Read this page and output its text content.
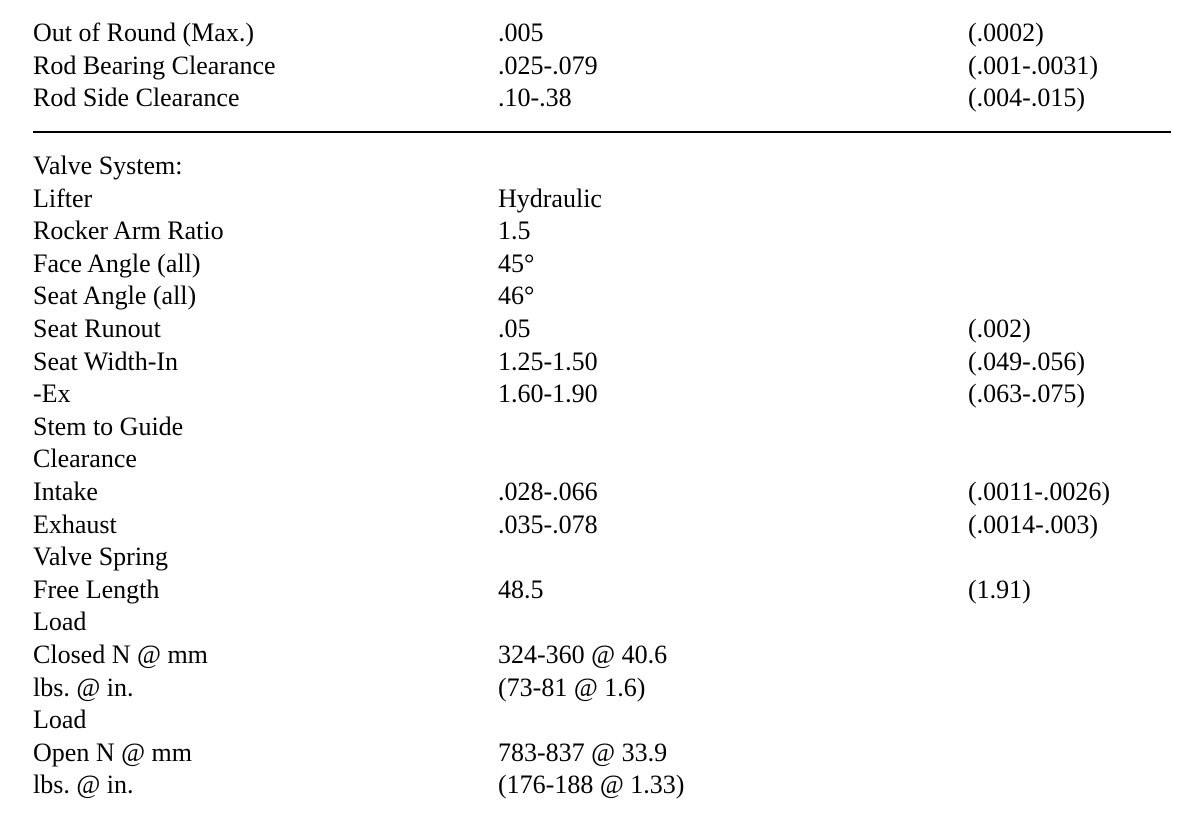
Out of Round (Max.)	.005	(.0002)
Rod Bearing Clearance	.025-.079	(.001-.0031)
Rod Side Clearance	.10-.38	(.004-.015)
Valve System:
Lifter	Hydraulic
Rocker Arm Ratio	1.5
Face Angle (all)	45°
Seat Angle (all)	46°
Seat Runout	.05	(.002)
Seat Width-In	1.25-1.50	(.049-.056)
-Ex	1.60-1.90	(.063-.075)
Stem to Guide
Clearance
Intake	.028-.066	(.0011-.0026)
Exhaust	.035-.078	(.0014-.003)
Valve Spring
Free Length	48.5	(1.91)
Load
Closed N @ mm	324-360 @ 40.6
lbs. @ in.	(73-81 @ 1.6)
Load
Open N @ mm	783-837 @ 33.9
lbs. @ in.	(176-188 @ 1.33)
